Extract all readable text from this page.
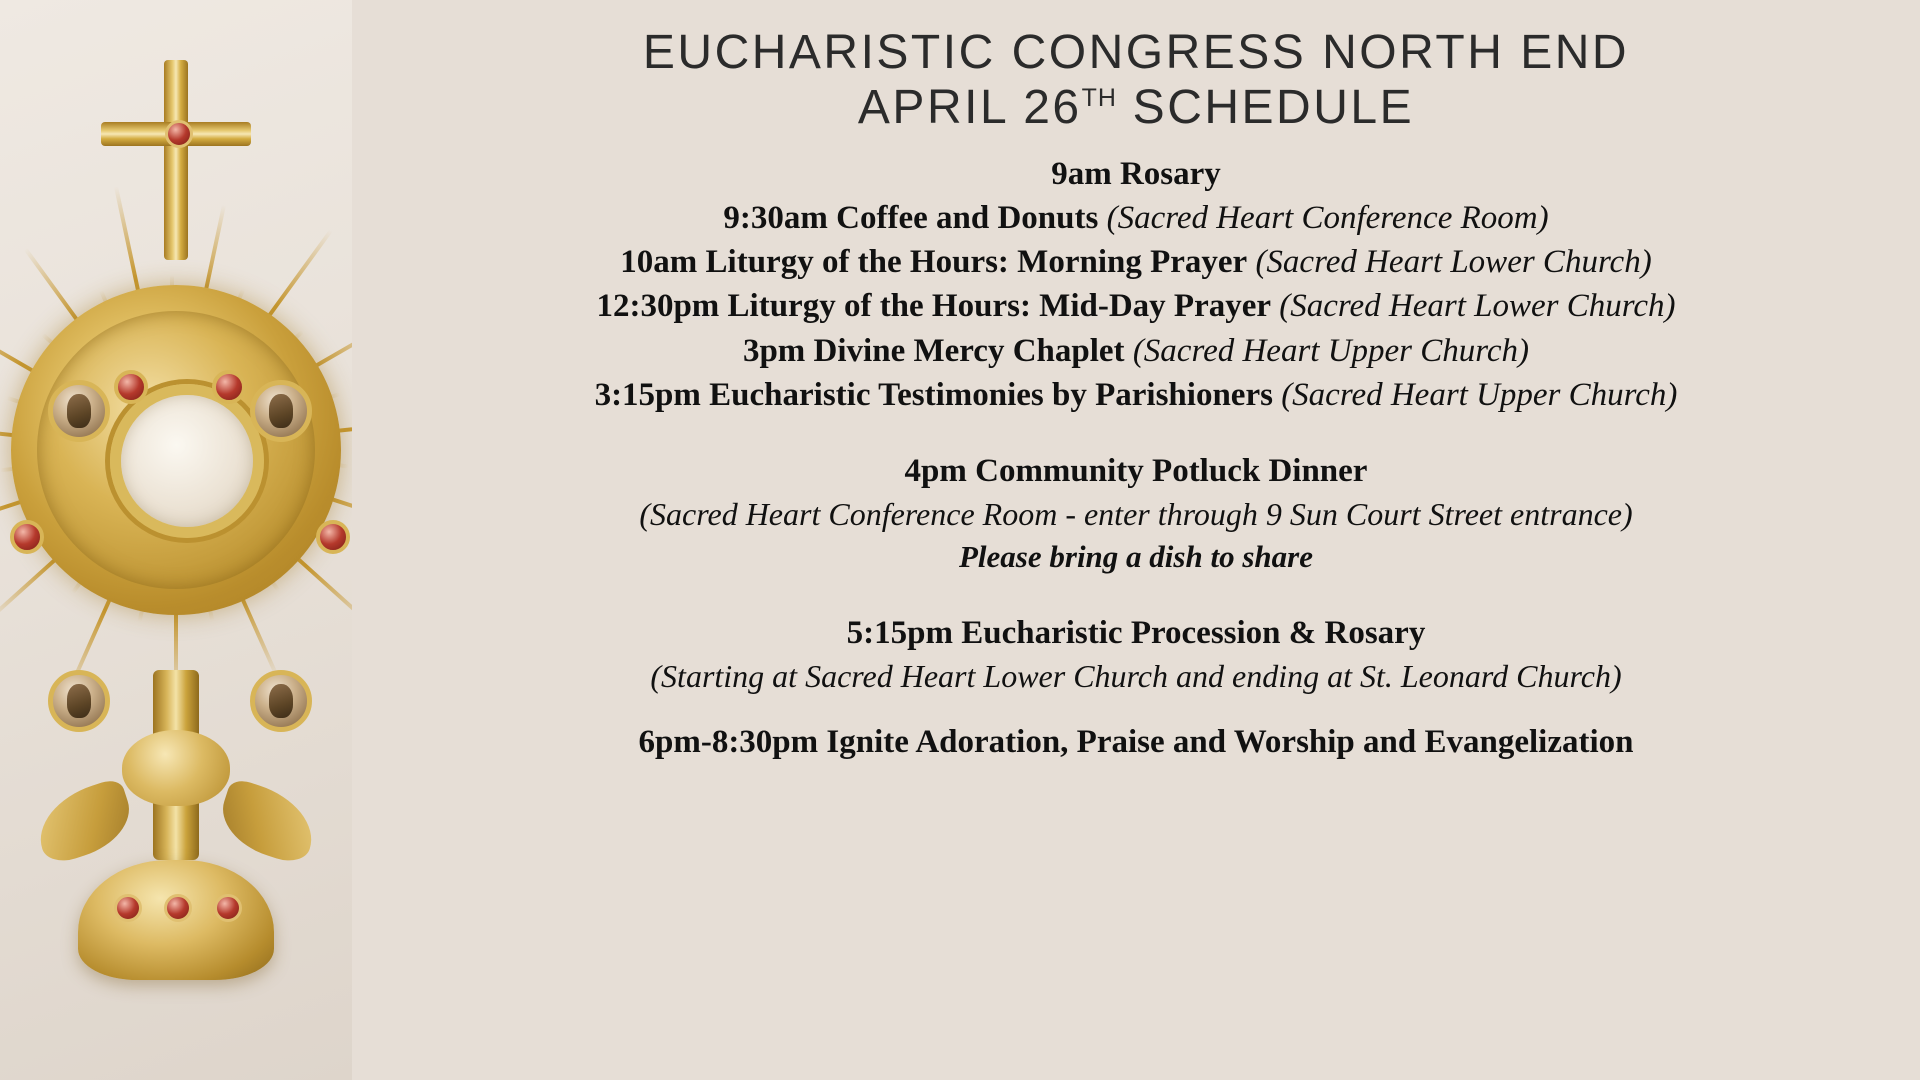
EUCHARISTIC CONGRESS NORTH END
APRIL 26TH SCHEDULE
9am Rosary
9:30am Coffee and Donuts (Sacred Heart Conference Room)
10am Liturgy of the Hours: Morning Prayer (Sacred Heart Lower Church)
12:30pm Liturgy of the Hours: Mid-Day Prayer (Sacred Heart Lower Church)
3pm Divine Mercy Chaplet (Sacred Heart Upper Church)
3:15pm Eucharistic Testimonies by Parishioners (Sacred Heart Upper Church)
4pm Community Potluck Dinner
(Sacred Heart Conference Room - enter through 9 Sun Court Street entrance)
Please bring a dish to share
5:15pm Eucharistic Procession & Rosary
(Starting at Sacred Heart Lower Church and ending at St. Leonard Church)
6pm-8:30pm Ignite Adoration, Praise and Worship and Evangelization
